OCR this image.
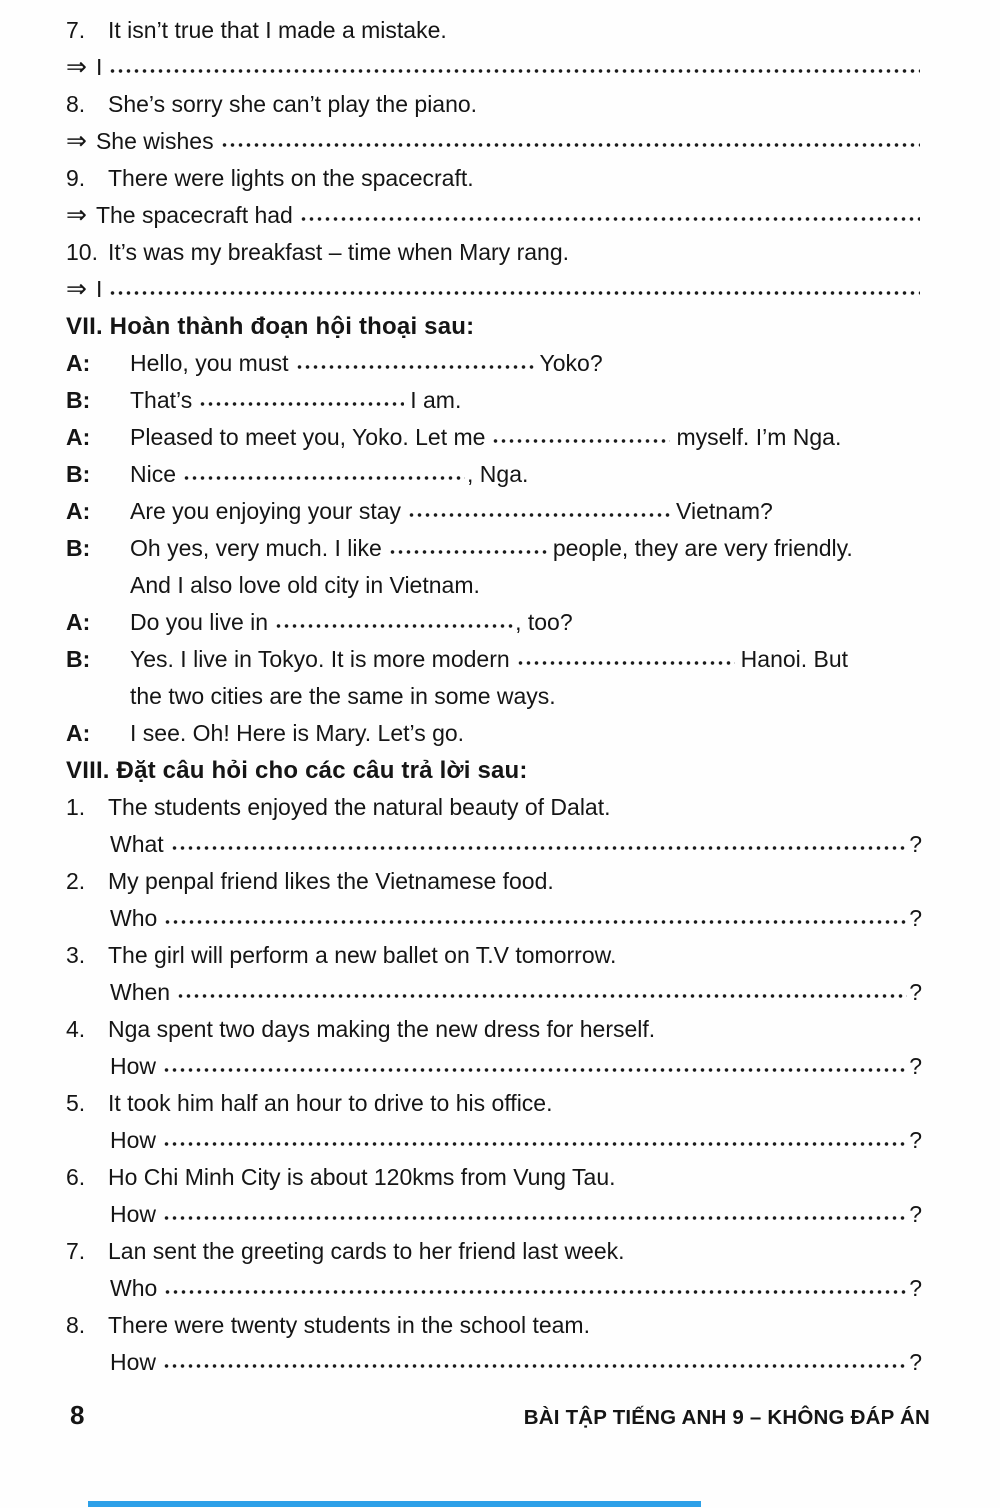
7. It isn’t true that I made a mistake.
⇒ I
8. She’s sorry she can’t play the piano.
⇒ She wishes
9. There were lights on the spacecraft.
⇒ The spacecraft had
10. It’s was my breakfast – time when Mary rang.
⇒ I
VII. Hoàn thành đoạn hội thoại sau:
A:	Hello, you must	Yoko?
B:	That’s	I am.
A:	Pleased to meet you, Yoko. Let me	myself. I’m Nga.
B:	Nice	, Nga.
A:	Are you enjoying your stay	Vietnam?
B:	Oh yes, very much. I like	people, they are very friendly.
And I also love old city in Vietnam.
A:	Do you live in	, too?
B:	Yes. I live in Tokyo. It is more modern	Hanoi. But
the two cities are the same in some ways.
A:	I see. Oh! Here is Mary. Let’s go.
VIII. Đặt câu hỏi cho các câu trả lời sau:
1. The students enjoyed the natural beauty of Dalat.
What	?
2. My penpal friend likes the Vietnamese food.
Who	?
3. The girl will perform a new ballet on T.V tomorrow.
When	?
4. Nga spent two days making the new dress for herself.
How	?
5. It took him half an hour to drive to his office.
How	?
6. Ho Chi Minh City is about 120kms from Vung Tau.
How	?
7. Lan sent the greeting cards to her friend last week.
Who	?
8. There were twenty students in the school team.
How	?
8	BÀI TẬP TIẾNG ANH 9 – KHÔNG ĐÁP ÁN
